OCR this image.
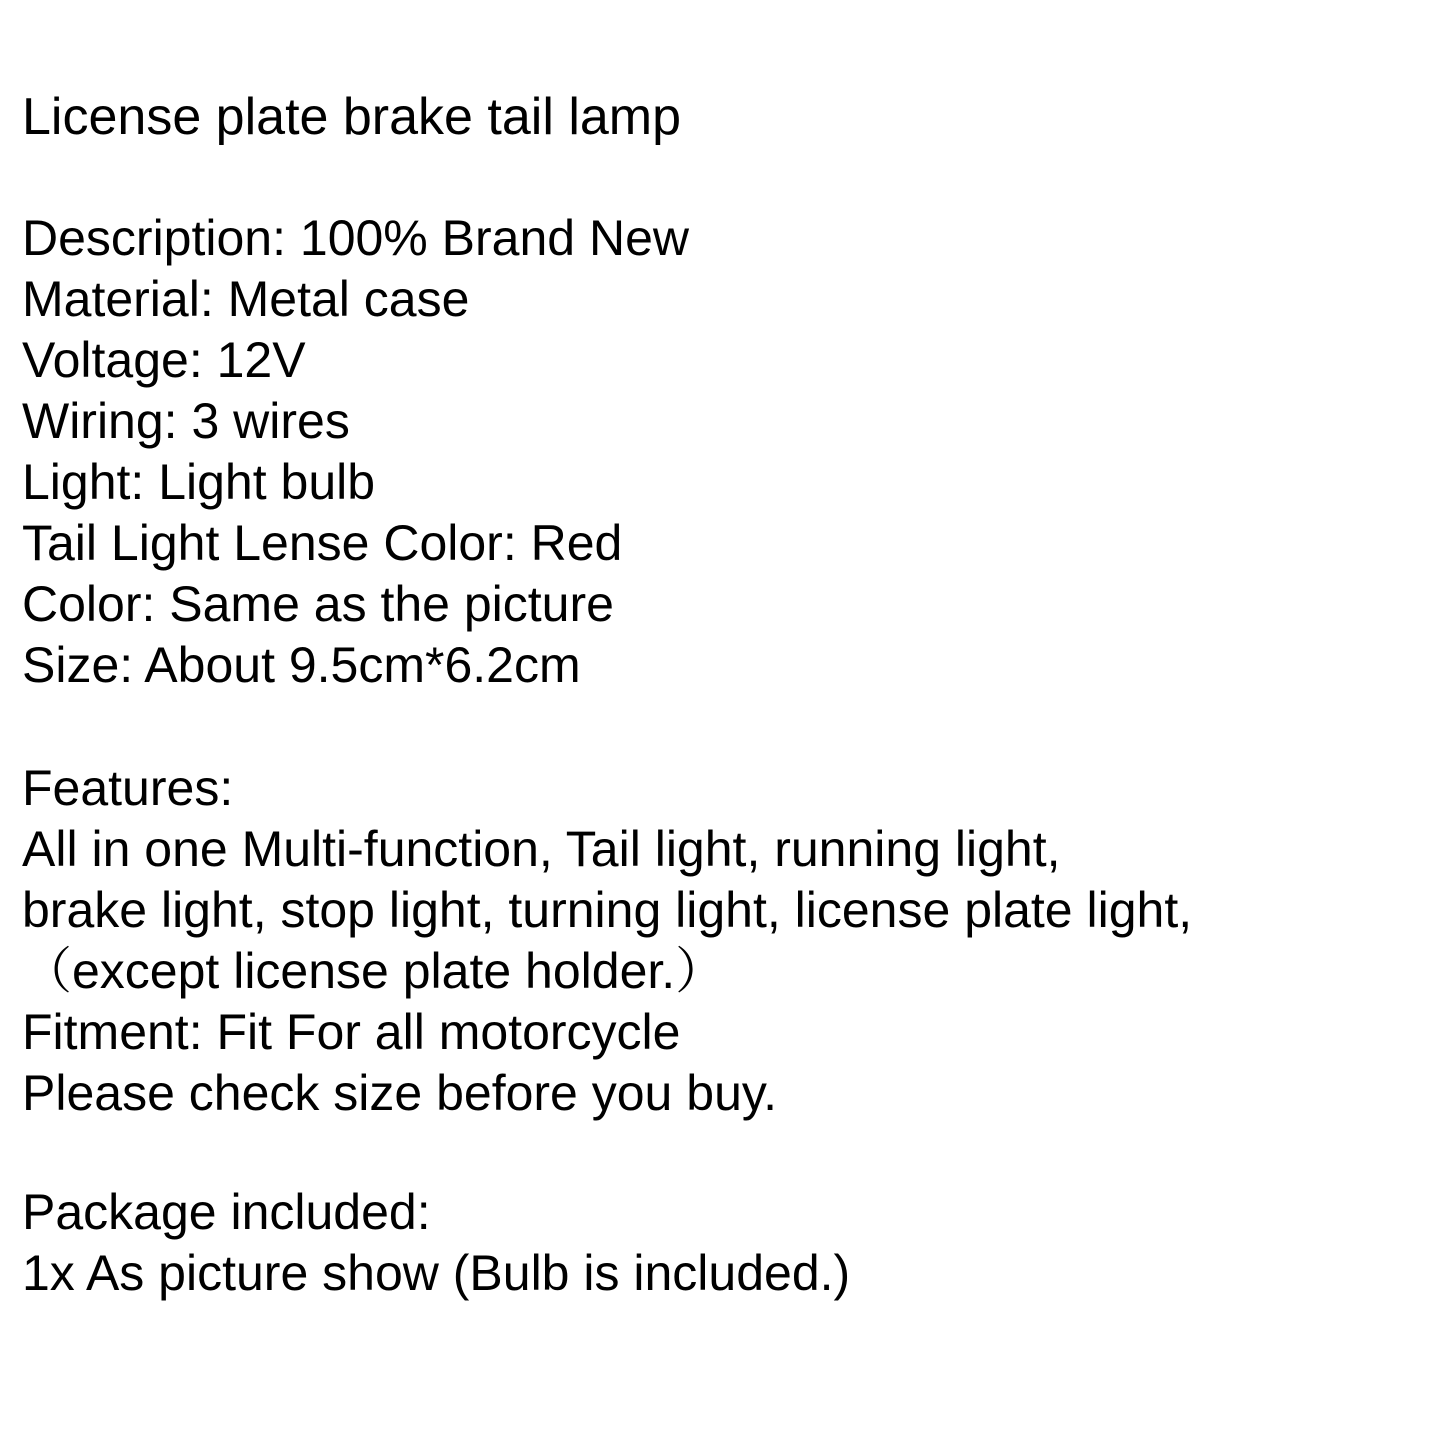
License plate brake tail lamp
Description: 100% Brand New
Material: Metal case
Voltage: 12V
Wiring: 3 wires
Light: Light bulb
Tail Light Lense Color: Red
Color: Same as the picture
Size: About 9.5cm*6.2cm
Features:
All in one Multi-function, Tail light, running light,
brake light, stop light, turning light, license plate light,
（except license plate holder.）
Fitment: Fit For all motorcycle
Please check size before you buy.
Package included:
1x As picture show (Bulb is included.)
